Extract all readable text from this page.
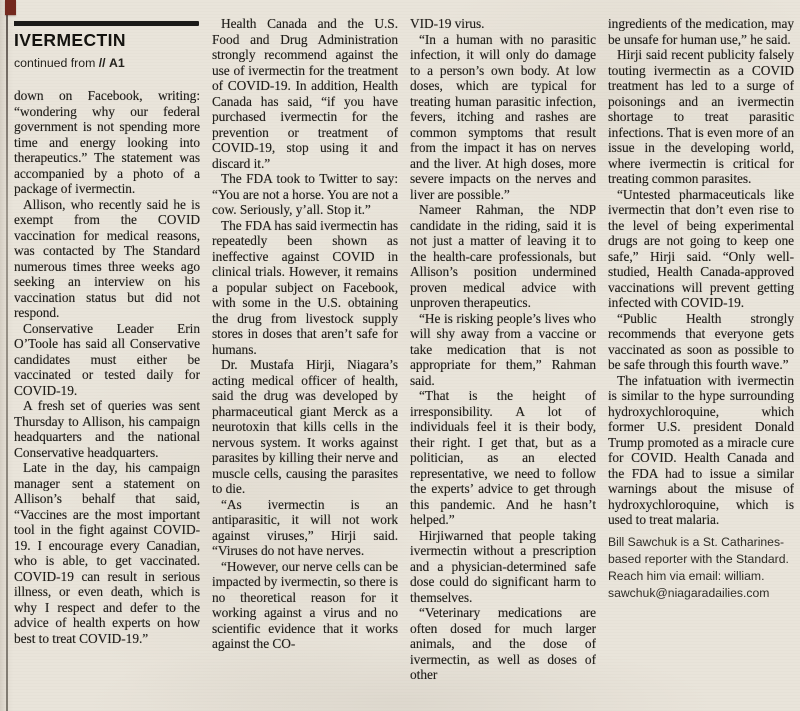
IVERMECTIN
continued from // A1

down on Facebook, writing: “wondering why our federal government is not spending more time and energy looking into therapeutics.” The statement was accompanied by a photo of a package of ivermectin.

Allison, who recently said he is exempt from the COVID vaccination for medical reasons, was contacted by The Standard numerous times three weeks ago seeking an interview on his vaccination status but did not respond.

Conservative Leader Erin O’Toole has said all Conservative candidates must either be vaccinated or tested daily for COVID-19.

A fresh set of queries was sent Thursday to Allison, his campaign headquarters and the national Conservative headquarters.

Late in the day, his campaign manager sent a statement on Allison’s behalf that said, “Vaccines are the most important tool in the fight against COVID-19. I encourage every Canadian, who is able, to get vaccinated. COVID-19 can result in serious illness, or even death, which is why I respect and defer to the advice of health experts on how best to treat COVID-19.”

Health Canada and the U.S. Food and Drug Administration strongly recommend against the use of ivermectin for the treatment of COVID-19. In addition, Health Canada has said, “if you have purchased ivermectin for the prevention or treatment of COVID-19, stop using it and discard it.”

The FDA took to Twitter to say: “You are not a horse. You are not a cow. Seriously, y’all. Stop it.”

The FDA has said ivermectin has repeatedly been shown as ineffective against COVID in clinical trials. However, it remains a popular subject on Facebook, with some in the U.S. obtaining the drug from livestock supply stores in doses that aren’t safe for humans.

Dr. Mustafa Hirji, Niagara’s acting medical officer of health, said the drug was developed by pharmaceutical giant Merck as a neurotoxin that kills cells in the nervous system. It works against parasites by killing their nerve and muscle cells, causing the parasites to die.

“As ivermectin is an antiparasitic, it will not work against viruses,” Hirji said. “Viruses do not have nerves.

“However, our nerve cells can be impacted by ivermectin, so there is no theoretical reason for it working against a virus and no scientific evidence that it works against the CO-

VID-19 virus.

“In a human with no parasitic infection, it will only do damage to a person’s own body. At low doses, which are typical for treating human parasitic infection, fevers, itching and rashes are common symptoms that result from the impact it has on nerves and the liver. At high doses, more severe impacts on the nerves and liver are possible.”

Nameer Rahman, the NDP candidate in the riding, said it is not just a matter of leaving it to the health-care professionals, but Allison’s position undermined proven medical advice with unproven therapeutics.

“He is risking people’s lives who will shy away from a vaccine or take medication that is not appropriate for them,” Rahman said.

“That is the height of irresponsibility. A lot of individuals feel it is their body, their right. I get that, but as a politician, as an elected representative, we need to follow the experts’ advice to get through this pandemic. And he hasn’t helped.”

Hirjiwarned that people taking ivermectin without a prescription and a physician-determined safe dose could do significant harm to themselves.

“Veterinary medications are often dosed for much larger animals, and the dose of ivermectin, as well as doses of other

ingredients of the medication, may be unsafe for human use,” he said.

Hirji said recent publicity falsely touting ivermectin as a COVID treatment has led to a surge of poisonings and an ivermectin shortage to treat parasitic infections. That is even more of an issue in the developing world, where ivermectin is critical for treating common parasites.

“Untested pharmaceuticals like ivermectin that don’t even rise to the level of being experimental drugs are not going to keep one safe,” Hirji said. “Only well-studied, Health Canada-approved vaccinations will prevent getting infected with COVID-19.

“Public Health strongly recommends that everyone gets vaccinated as soon as possible to be safe through this fourth wave.”

The infatuation with ivermectin is similar to the hype surrounding hydroxychloroquine, which former U.S. president Donald Trump promoted as a miracle cure for COVID. Health Canada and the FDA had to issue a similar warnings about the misuse of hydroxychloroquine, which is used to treat malaria.

Bill Sawchuk is a St. Catharines-

based reporter with the Standard.

Reach him via email: william.

sawchuk@niagaradailies.com
